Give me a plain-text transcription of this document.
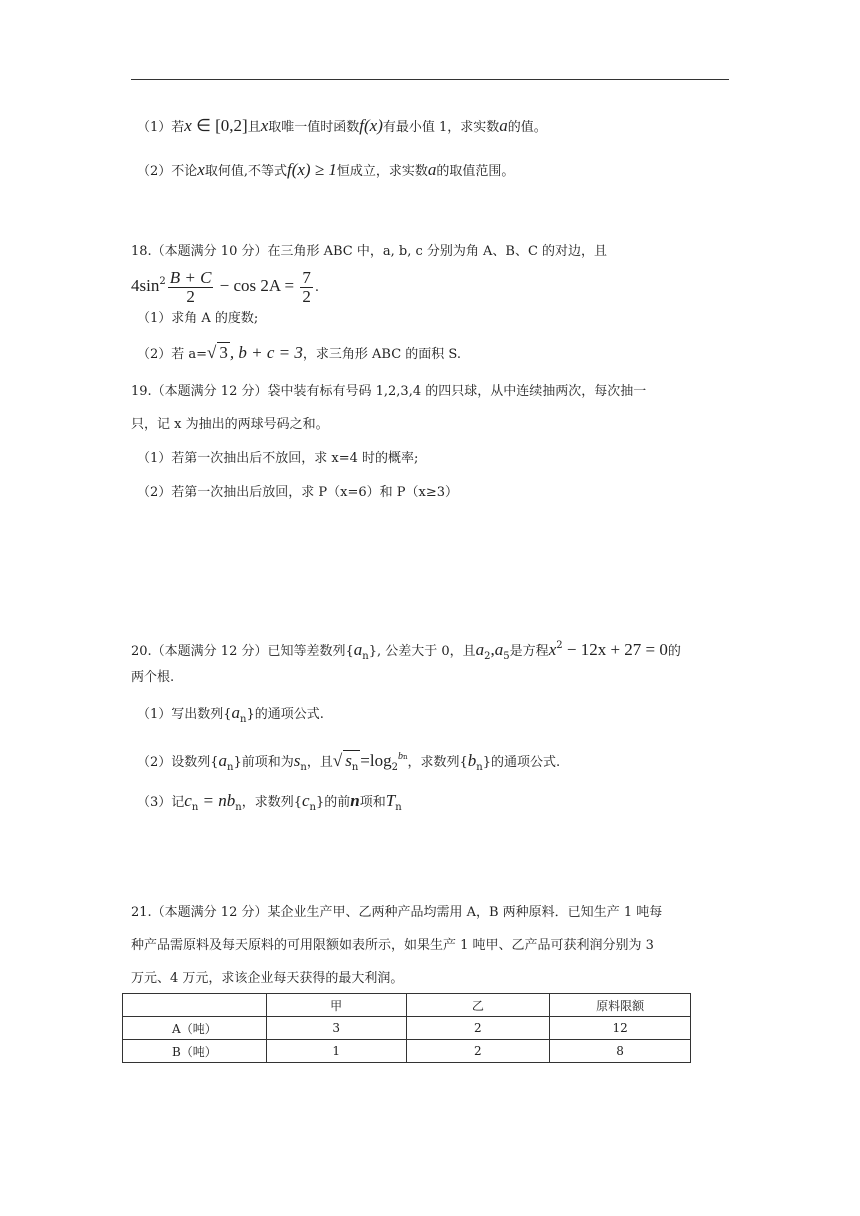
（1）若x ∈ [0,2]且x取唯一值时函数f(x)有最小值 1，求实数a的值。
（2）不论x取何值,不等式f(x) ≥ 1恒成立，求实数a的取值范围。
18.（本题满分 10 分）在三角形 ABC 中，a, b, c 分别为角 A、B、C 的对边，且
$4\sin^2 \frac{B + C}{2} - \cos 2A = \frac{7}{2}$ .
（1）求角 A 的度数;
（2）若 a=√ 3 , b + c = 3，求三角形 ABC 的面积 S.
19.（本题满分 12 分）袋中装有标有号码 1,2,3,4 的四只球，从中连续抽两次，每次抽一
只，记 x 为抽出的两球号码之和。
（1）若第一次抽出后不放回，求 x=4 时的概率;
（2）若第一次抽出后放回，求 P（x=6）和 P（x≥3）
20.（本题满分 12 分）已知等差数列$\{a_n\}$, 公差大于 0，且$a_2,a_5$是方程$x^2 - 12x + 27 = 0$的
两个根.
（1）写出数列$\{a_n\}$的通项公式.
（2）设数列$\{a_n\}$前项和为$s_n$，且√ $s_n =\log_2^{bn}$，求数列$\{b_n\}$的通项公式.
（3）记$c_n = nb_n$，求数列$\{c_n\}$的前n项和$T_n$
21.（本题满分 12 分）某企业生产甲、乙两种产品均需用 A，B 两种原料．已知生产 1 吨每
种产品需原料及每天原料的可用限额如表所示，如果生产 1 吨甲、乙产品可获利润分别为 3
万元、4 万元，求该企业每天获得的最大利润。
	甲	乙	原料限额
A（吨）	3	2	12
B（吨）	1	2	8
